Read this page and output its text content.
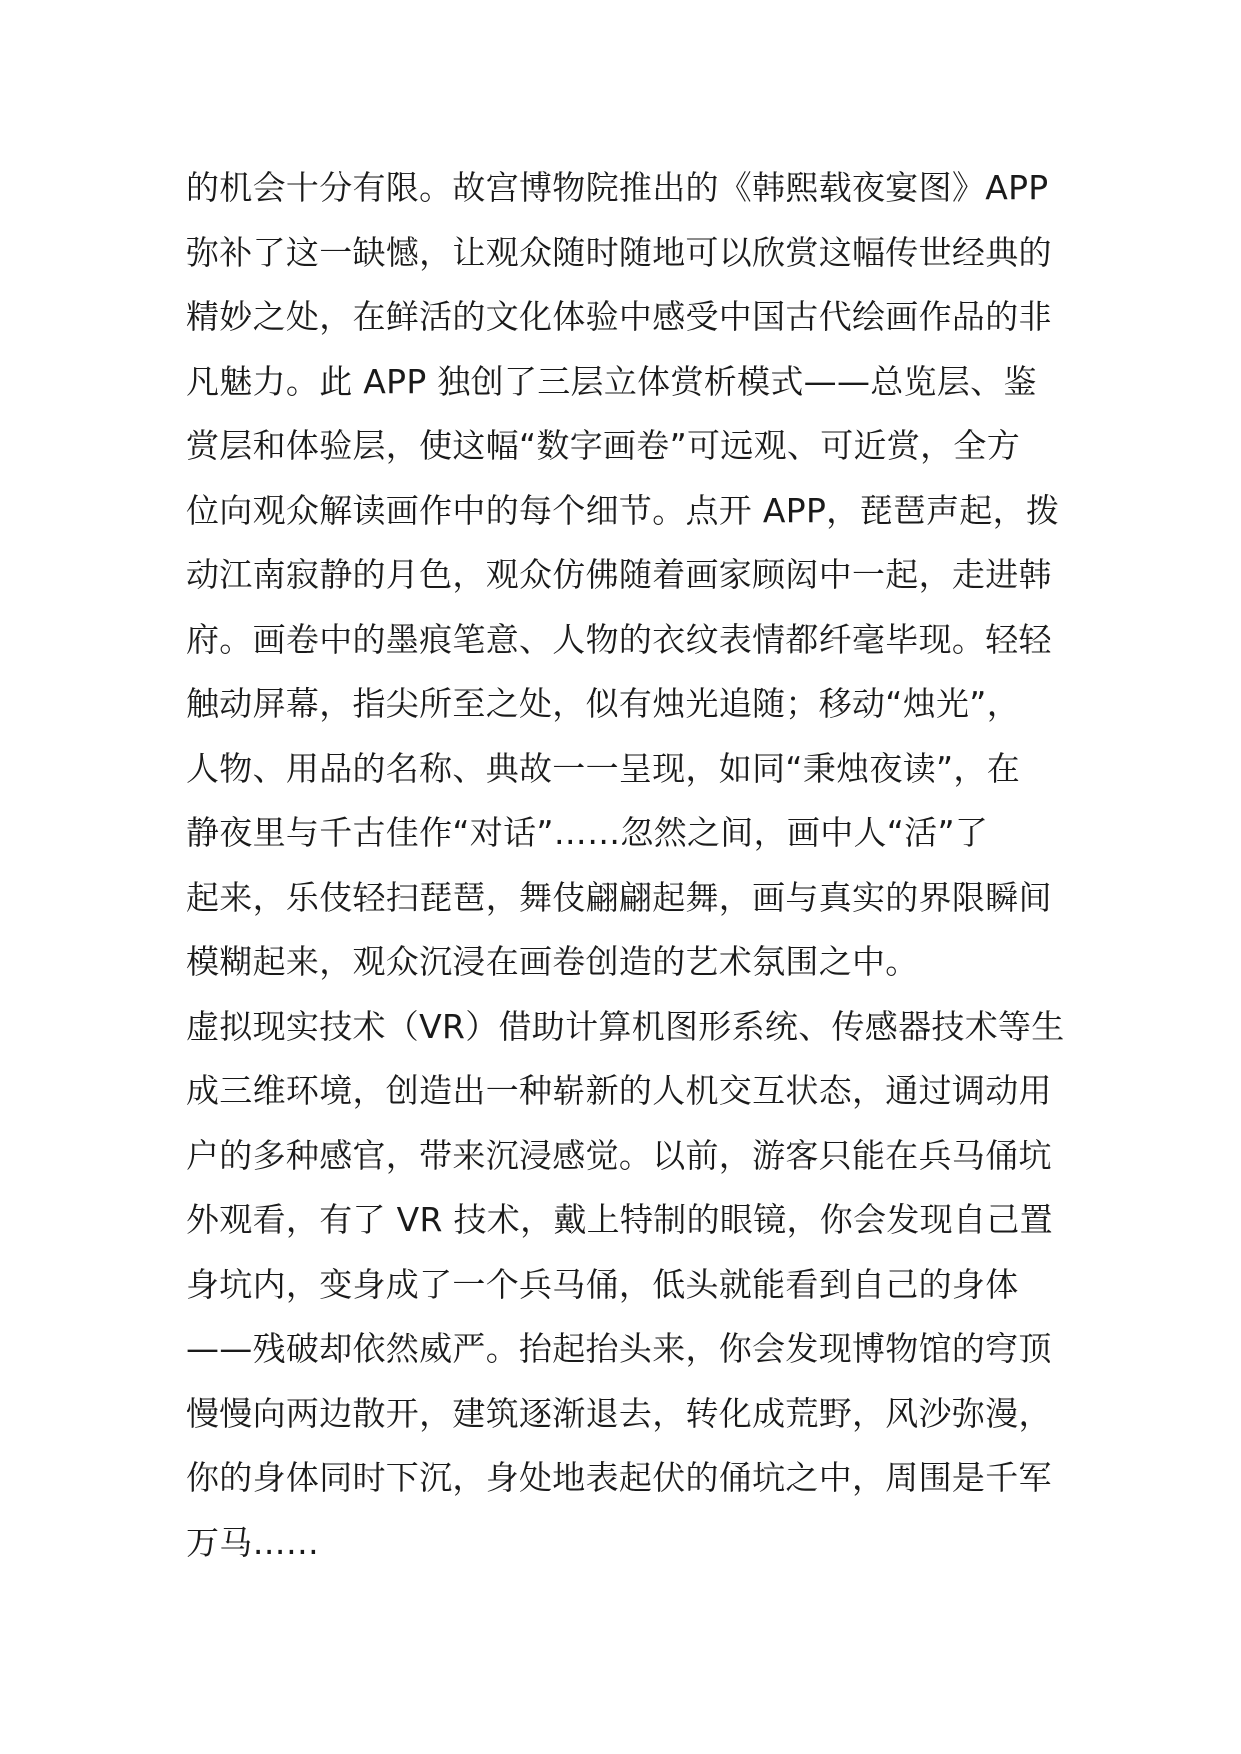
的机会十分有限。故宫博物院推出的《韩熙载夜宴图》APP
弥补了这一缺憾，让观众随时随地可以欣赏这幅传世经典的
精妙之处，在鲜活的文化体验中感受中国古代绘画作品的非
凡魅力。此 APP 独创了三层立体赏析模式——总览层、鉴
赏层和体验层，使这幅“数字画卷”可远观、可近赏，全方
位向观众解读画作中的每个细节。点开 APP，琵琶声起，拨
动江南寂静的月色，观众仿佛随着画家顾闳中一起，走进韩
府。画卷中的墨痕笔意、人物的衣纹表情都纤毫毕现。轻轻
触动屏幕，指尖所至之处，似有烛光追随；移动“烛光”，
人物、用品的名称、典故一一呈现，如同“秉烛夜读”，在
静夜里与千古佳作“对话”……忽然之间，画中人“活”了
起来，乐伎轻扫琵琶，舞伎翩翩起舞，画与真实的界限瞬间
模糊起来，观众沉浸在画卷创造的艺术氛围之中。
虚拟现实技术（VR）借助计算机图形系统、传感器技术等生
成三维环境，创造出一种崭新的人机交互状态，通过调动用
户的多种感官，带来沉浸感觉。以前，游客只能在兵马俑坑
外观看，有了 VR 技术，戴上特制的眼镜，你会发现自己置
身坑内，变身成了一个兵马俑，低头就能看到自己的身体
——残破却依然威严。抬起抬头来，你会发现博物馆的穹顶
慢慢向两边散开，建筑逐渐退去，转化成荒野，风沙弥漫，
你的身体同时下沉，身处地表起伏的俑坑之中，周围是千军
万马……
